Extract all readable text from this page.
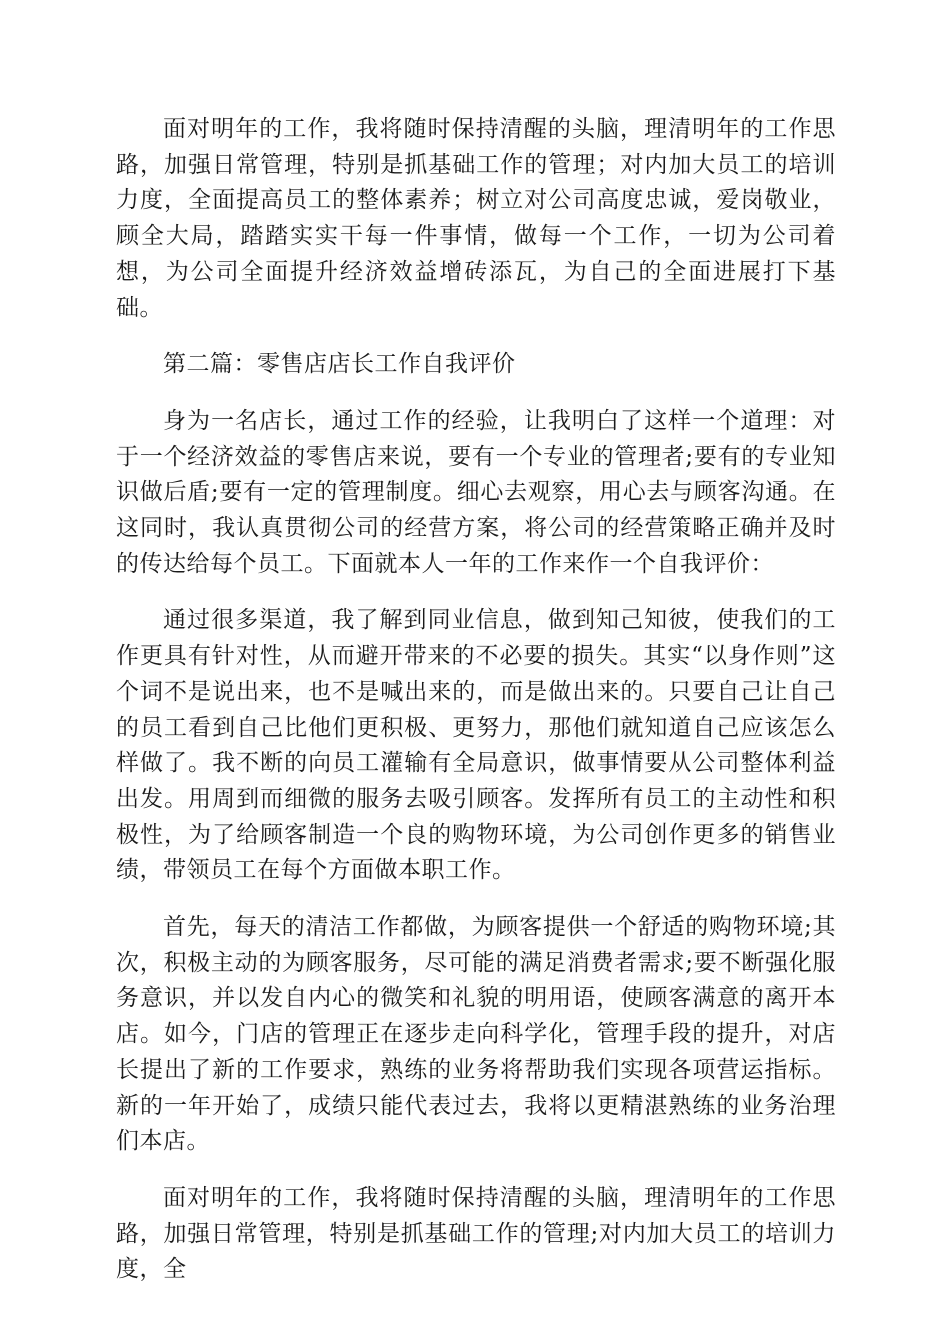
面对明年的工作，我将随时保持清醒的头脑，理清明年的工作思路，加强日常管理，特别是抓基础工作的管理；对内加大员工的培训力度，全面提高员工的整体素养；树立对公司高度忠诚，爱岗敬业，顾全大局，踏踏实实干每一件事情，做每一个工作，一切为公司着想，为公司全面提升经济效益增砖添瓦，为自己的全面进展打下基础。

第二篇：零售店店长工作自我评价

身为一名店长，通过工作的经验，让我明白了这样一个道理：对于一个经济效益的零售店来说，要有一个专业的管理者;要有的专业知识做后盾;要有一定的管理制度。细心去观察，用心去与顾客沟通。在这同时，我认真贯彻公司的经营方案，将公司的经营策略正确并及时的传达给每个员工。下面就本人一年的工作来作一个自我评价：

通过很多渠道，我了解到同业信息，做到知己知彼，使我们的工作更具有针对性，从而避开带来的不必要的损失。其实“以身作则”这个词不是说出来，也不是喊出来的，而是做出来的。只要自己让自己的员工看到自己比他们更积极、更努力，那他们就知道自己应该怎么样做了。我不断的向员工灌输有全局意识，做事情要从公司整体利益出发。用周到而细微的服务去吸引顾客。发挥所有员工的主动性和积极性，为了给顾客制造一个良的购物环境，为公司创作更多的销售业绩，带领员工在每个方面做本职工作。

首先，每天的清洁工作都做，为顾客提供一个舒适的购物环境;其次，积极主动的为顾客服务，尽可能的满足消费者需求;要不断强化服务意识，并以发自内心的微笑和礼貌的明用语，使顾客满意的离开本店。如今，门店的管理正在逐步走向科学化，管理手段的提升，对店长提出了新的工作要求，熟练的业务将帮助我们实现各项营运指标。新的一年开始了，成绩只能代表过去，我将以更精湛熟练的业务治理们本店。

面对明年的工作，我将随时保持清醒的头脑，理清明年的工作思路，加强日常管理，特别是抓基础工作的管理;对内加大员工的培训力度，全
